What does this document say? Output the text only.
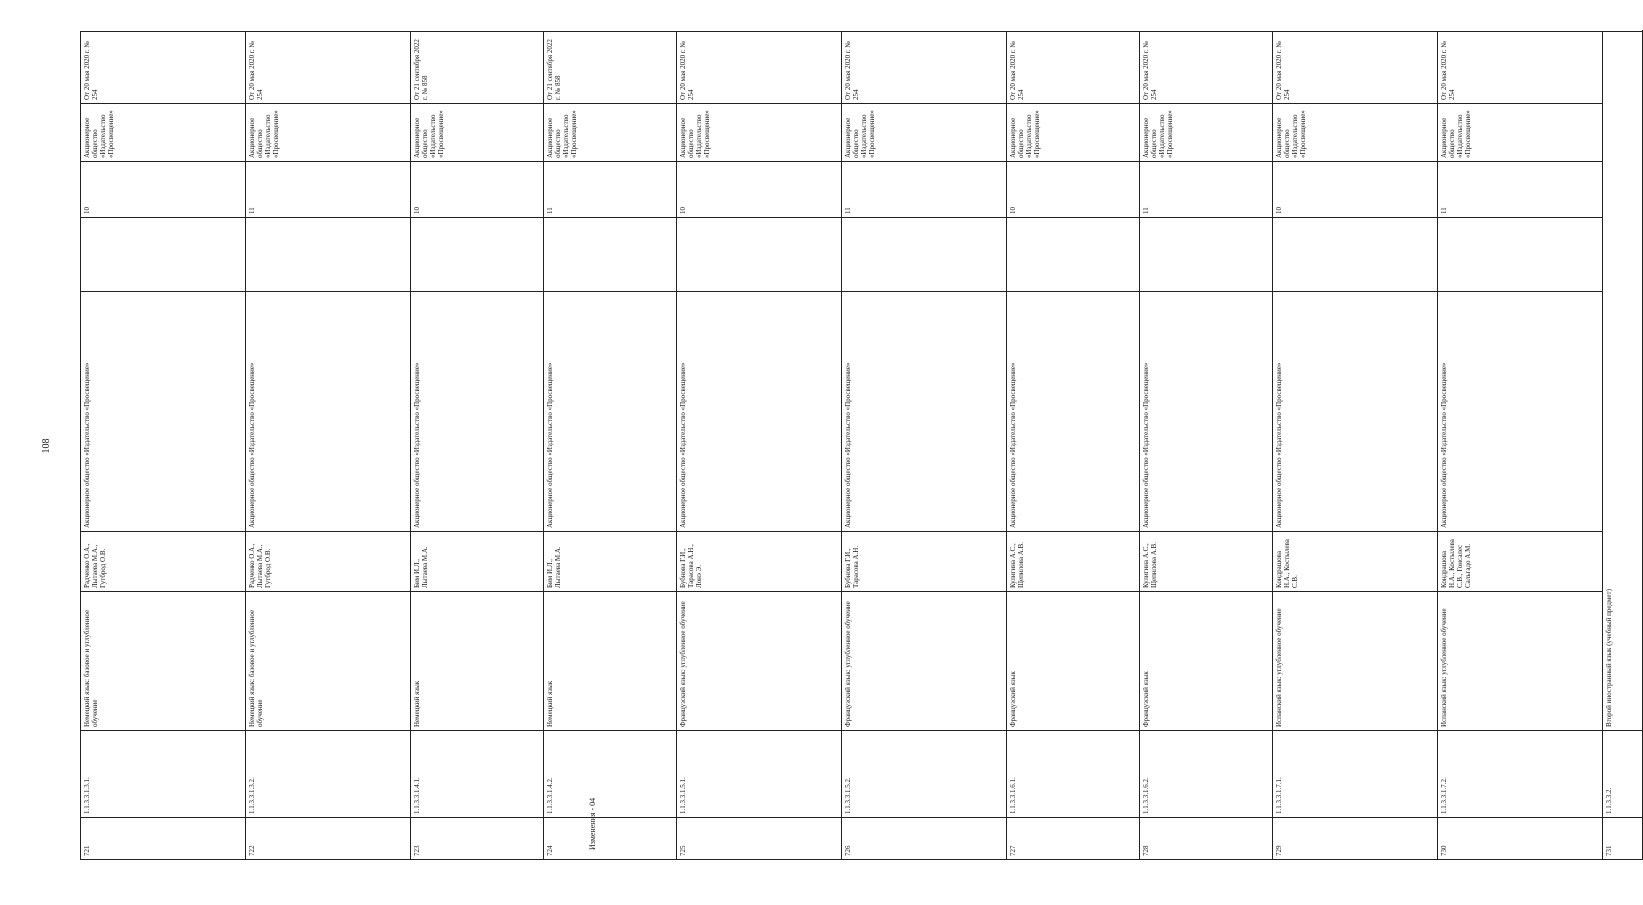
108
721	1.1.3.3.1.3.1.	Немецкий язык: базовое и углубленное обучение	Радченко О.А., Лытаева М.А., Гутброд О.В.	Акционерное общество «Издательство «Просвещение»		10	Акционерное общество «Издательство «Просвещение»	От 20 мая 2020 г. № 254	
722	1.1.3.3.1.3.2.	Немецкий язык: базовое и углубленное обучение	Радченко О.А., Лытаева М.А., Гутброд О.В.	Акционерное общество «Издательство «Просвещение»		11	Акционерное общество «Издательство «Просвещение»	От 20 мая 2020 г. № 254	
723	1.1.3.3.1.4.1.	Немецкий язык	Бим И.Л., Лытаева М.А.	Акционерное общество «Издательство «Просвещение»		10	Акционерное общество «Издательство «Просвещение»	От 21 сентября 2022 г. № 858	
724	1.1.3.3.1.4.2.	Немецкий язык	Бим И.Л., Лытаева М.А.	Акционерное общество «Издательство «Просвещение»		11	Акционерное общество «Издательство «Просвещение»	От 21 сентября 2022 г. № 858	
725	1.1.3.3.1.5.1.	Французский язык: углубленное обучение	Бубнова Г.И., Тарасова А.Н., Лонэ Э.	Акционерное общество «Издательство «Просвещение»		10	Акционерное общество «Издательство «Просвещение»	От 20 мая 2020 г. № 254	
726	1.1.3.3.1.5.2.	Французский язык: углубленное обучение	Бубнова Г.И., Тарасова А.Н.	Акционерное общество «Издательство «Просвещение»		11	Акционерное общество «Издательство «Просвещение»	От 20 мая 2020 г. № 254	
727	1.1.3.3.1.6.1.	Французский язык	Кулигина А.С., Щепилова А.В.	Акционерное общество «Издательство «Просвещение»		10	Акционерное общество «Издательство «Просвещение»	От 20 мая 2020 г. № 254	
728	1.1.3.3.1.6.2.	Французский язык	Кулигина А.С., Щепилова А.В.	Акционерное общество «Издательство «Просвещение»		11	Акционерное общество «Издательство «Просвещение»	От 20 мая 2020 г. № 254	
729	1.1.3.3.1.7.1.	Испанский язык: углубленное обучение	Кондрашова Н.А., Костылева С.В.	Акционерное общество «Издательство «Просвещение»		10	Акционерное общество «Издательство «Просвещение»	От 20 мая 2020 г. № 254	
730	1.1.3.3.1.7.2.	Испанский язык: углубленное обучение	Кондрашова Н.А., Костылева С.В., Гонсалес Сальгадо А.М.	Акционерное общество «Издательство «Просвещение»		11	Акционерное общество «Издательство «Просвещение»	От 20 мая 2020 г. № 254	
731	1.1.3.3.2.	Второй иностранный язык (учебный предмет)							
Изменения - 04
